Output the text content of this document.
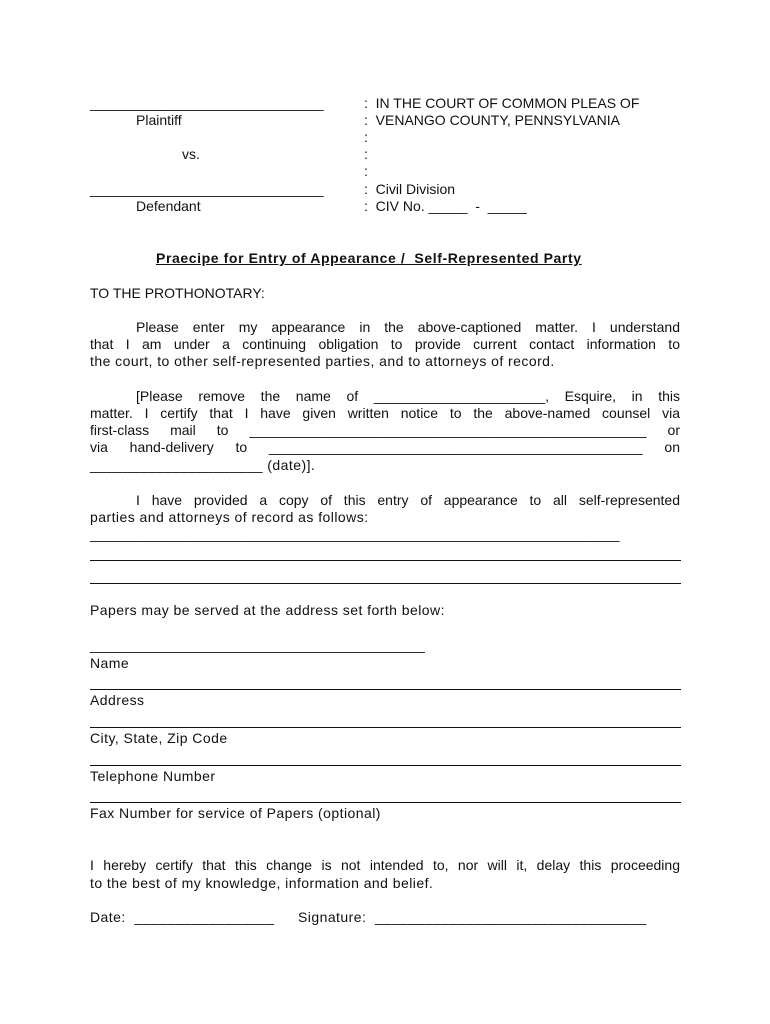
______________________________
Plaintiff
vs.
______________________________
Defendant
:  IN THE COURT OF COMMON PLEAS OF
:  VENANGO COUNTY, PENNSYLVANIA
:
:
:
:  Civil Division
:  CIV No. _____  -  _____
Praecipe for Entry of Appearance /  Self-Represented Party
TO THE PROTHONOTARY:
Please enter my appearance in the above-captioned matter. I understand
that I am under a continuing obligation to provide current contact information to
the court, to other self-represented parties, and to attorneys of record.
[Please remove the name of ______________________, Esquire, in this
matter. I certify that I have given written notice to the above-named counsel via
first-class mail to ___________________________________________________ or
via hand-delivery to ________________________________________________ on
_____________________ (date)].
I have provided a copy of this entry of appearance to all self-represented
parties and attorneys of record as follows:
____________________________________________________________________
Papers may be served at the address set forth below:
___________________________________________
Name
Address
City, State, Zip Code
Telephone Number
Fax Number for service of Papers (optional)
I hereby certify that this change is not intended to, nor will it, delay this proceeding
to the best of my knowledge, information and belief.
Date:  _________________ Signature:  _________________________________
